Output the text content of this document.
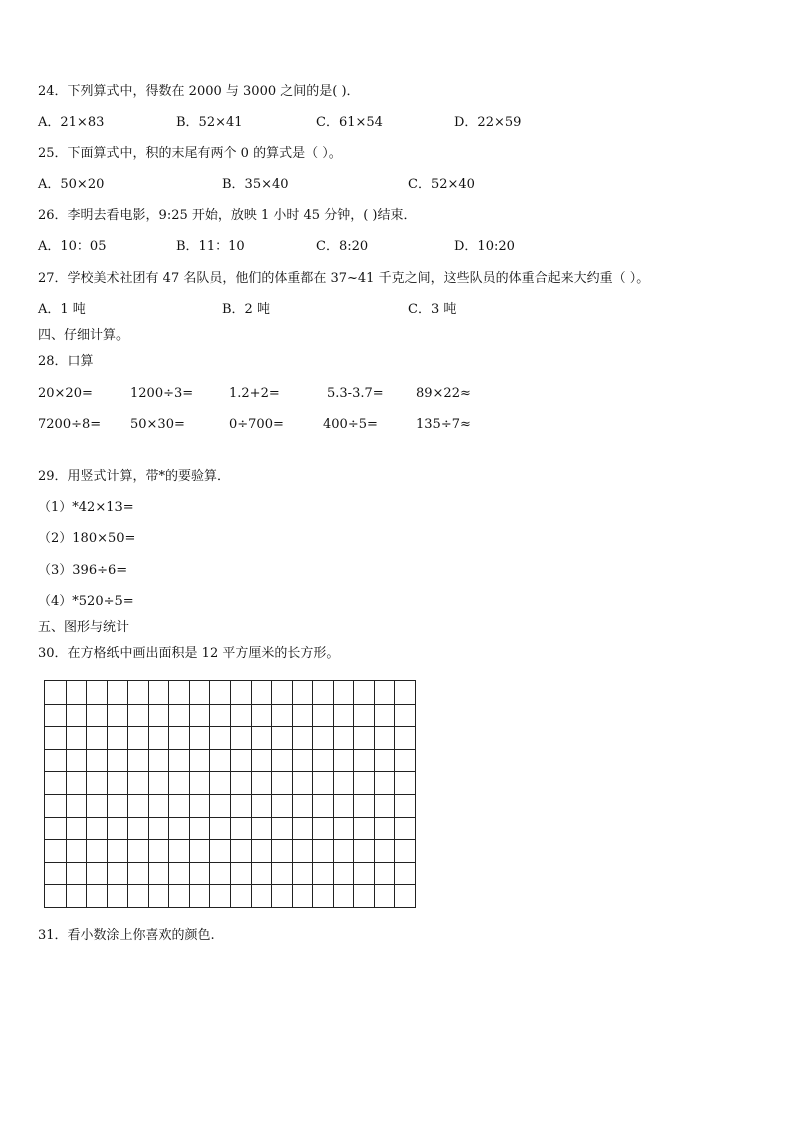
24．下列算式中，得数在 2000 与 3000 之间的是( )．
A．21×83	B．52×41	C．61×54	D．22×59
25．下面算式中，积的末尾有两个 0 的算式是（ ）。
A．50×20	B．35×40	C．52×40
26．李明去看电影，9:25 开始，放映 1 小时 45 分钟，( )结束．
A．10：05	B．11：10	C．8:20	D．10:20
27．学校美术社团有 47 名队员，他们的体重都在 37~41 千克之间，这些队员的体重合起来大约重（ ）。
A．1 吨	B．2 吨	C．3 吨
四、仔细计算。
28．口算
20×20=	1200÷3=	1.2+2=	5.3-3.7= 89×22≈
7200÷8= 50×30=	0÷700=	400÷5=	135÷7≈
29．用竖式计算，带*的要验算．
（1）*42×13=
（2）180×50=
（3）396÷6=
（4）*520÷5=
五、图形与统计
30．在方格纸中画出面积是 12 平方厘米的长方形。
31．看小数涂上你喜欢的颜色.
